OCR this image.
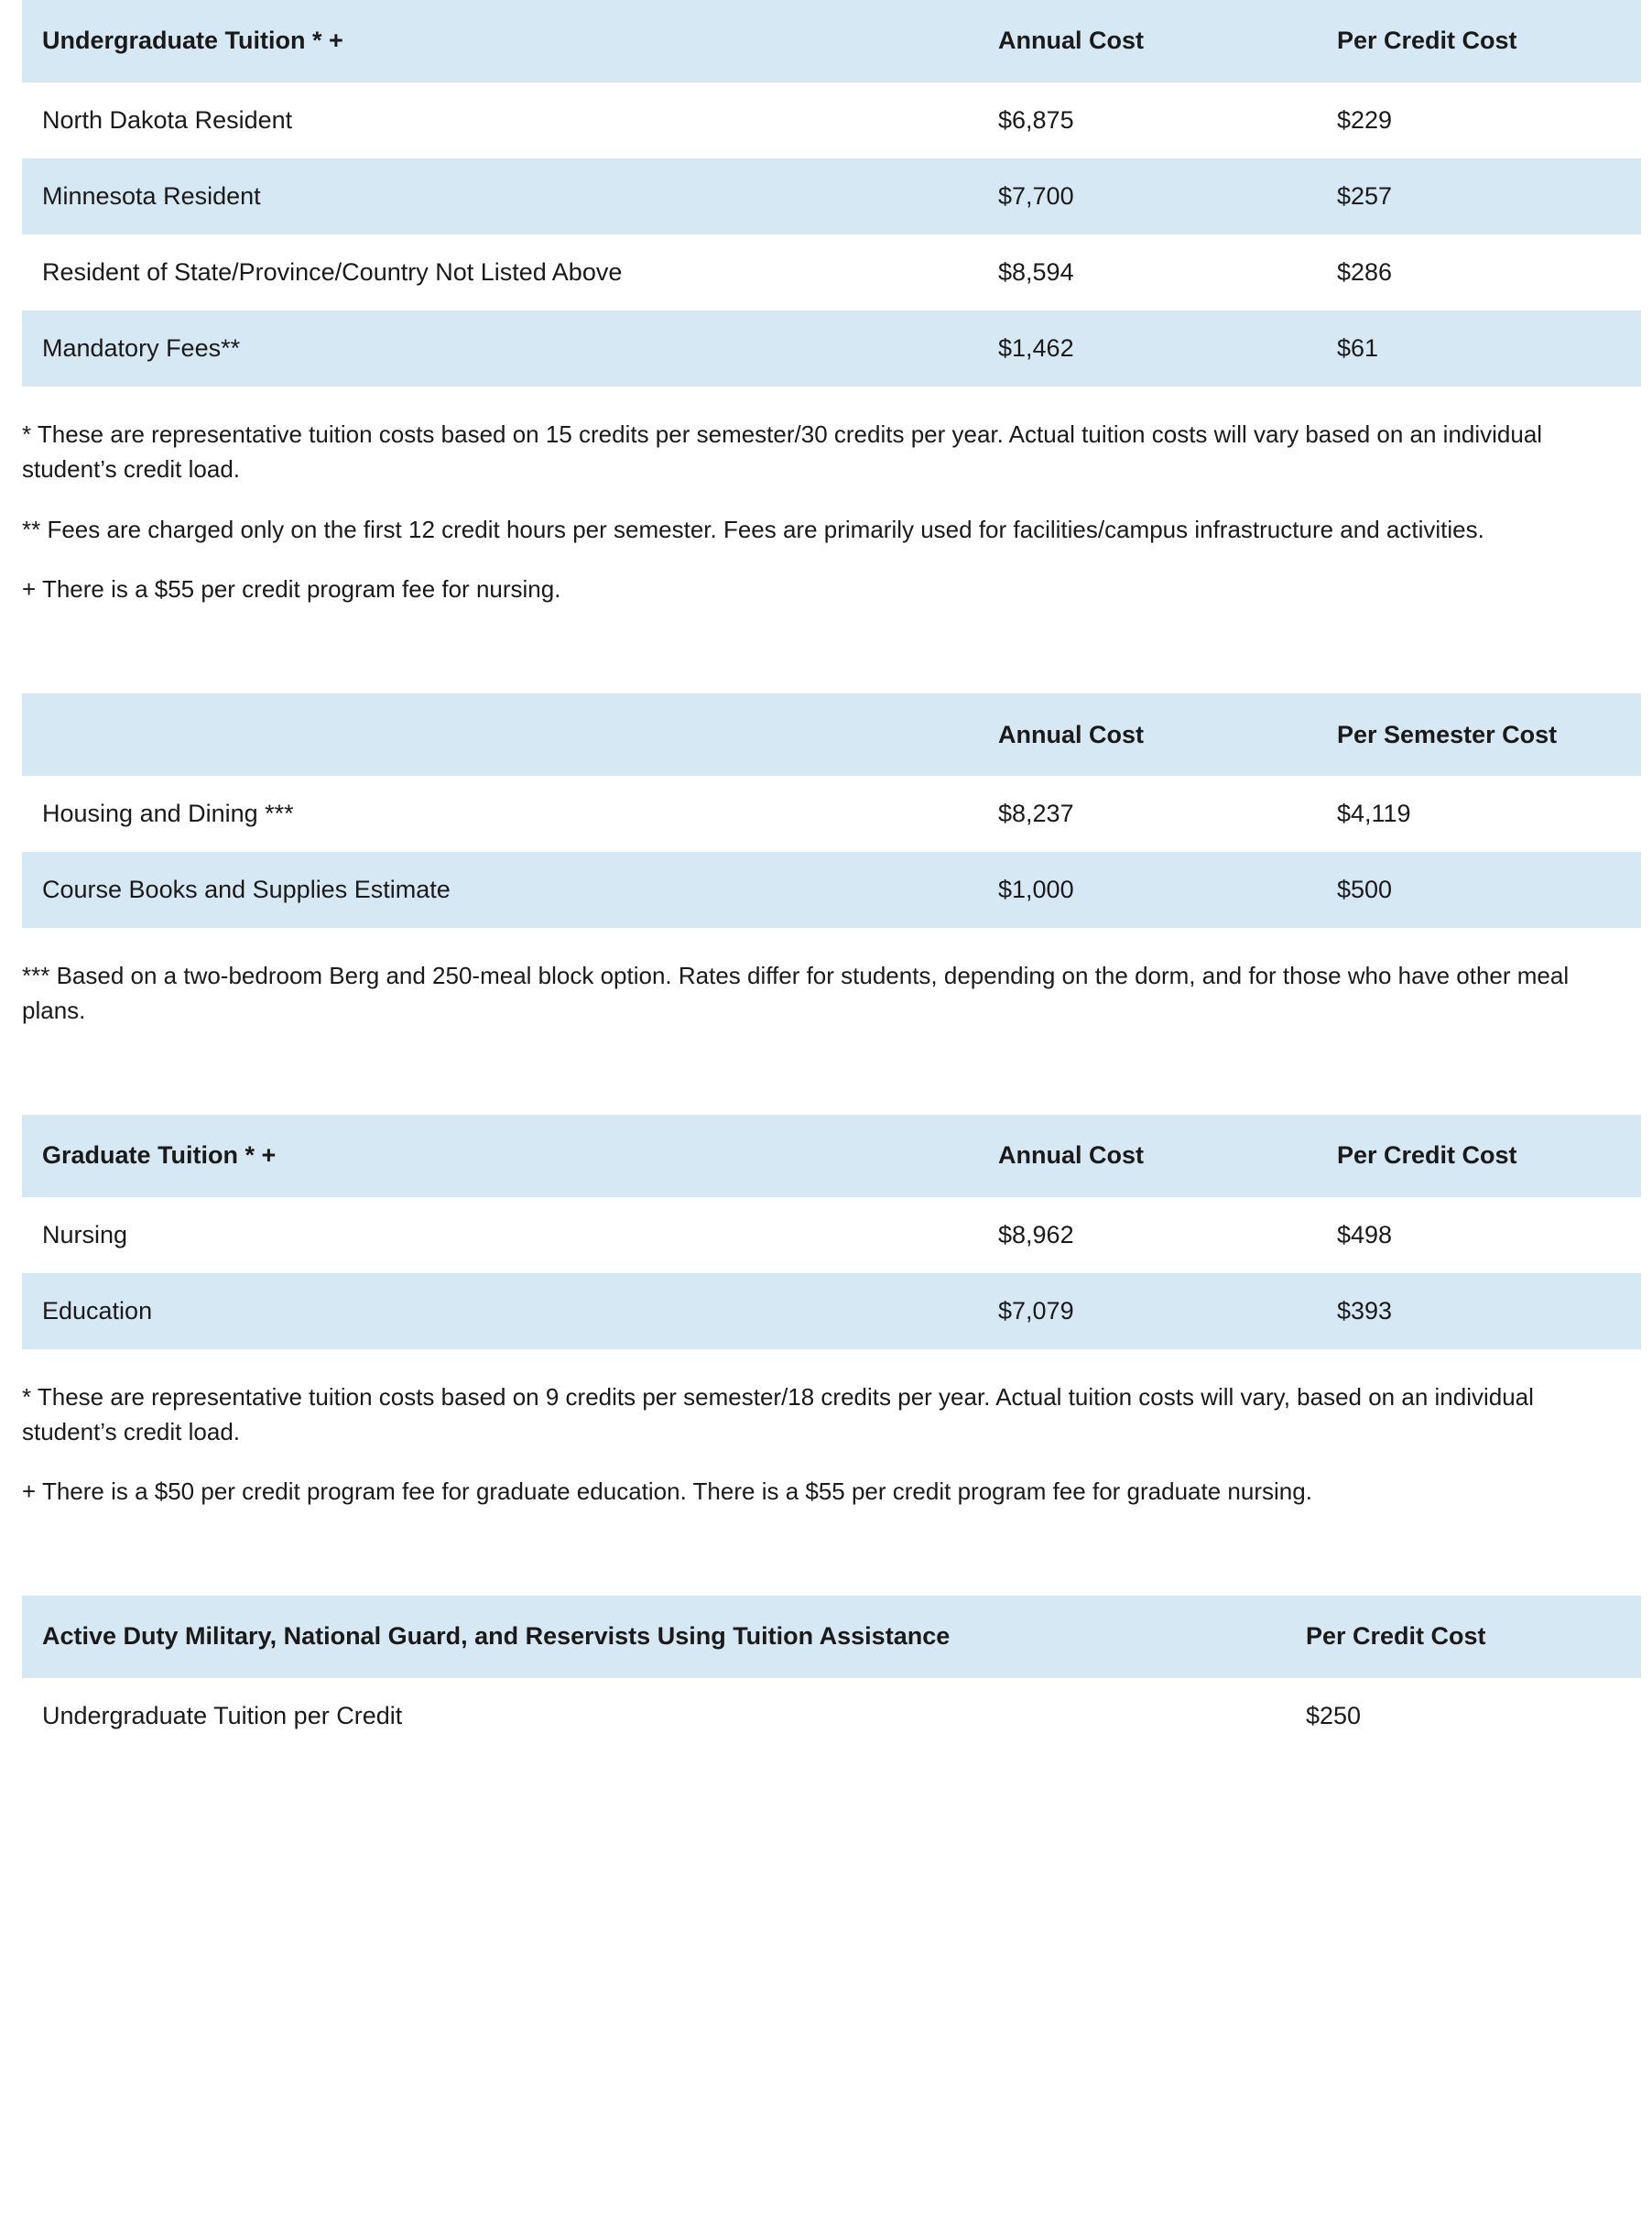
Undergraduate Tuition * +	Annual Cost	Per Credit Cost
North Dakota Resident	$6,875	$229
Minnesota Resident	$7,700	$257
Resident of State/Province/Country Not Listed Above	$8,594	$286
Mandatory Fees**	$1,462	$61

* These are representative tuition costs based on 15 credits per semester/30 credits per year. Actual tuition costs will vary based on an individual student’s credit load.

** Fees are charged only on the first 12 credit hours per semester. Fees are primarily used for facilities/campus infrastructure and activities.

+ There is a $55 per credit program fee for nursing.

	Annual Cost	Per Semester Cost
Housing and Dining ***	$8,237	$4,119
Course Books and Supplies Estimate	$1,000	$500

*** Based on a two-bedroom Berg and 250-meal block option. Rates differ for students, depending on the dorm, and for those who have other meal plans.

Graduate Tuition * +	Annual Cost	Per Credit Cost
Nursing	$8,962	$498
Education	$7,079	$393

* These are representative tuition costs based on 9 credits per semester/18 credits per year. Actual tuition costs will vary, based on an individual student’s credit load.

+ There is a $50 per credit program fee for graduate education. There is a $55 per credit program fee for graduate nursing.

Active Duty Military, National Guard, and Reservists Using Tuition Assistance	Per Credit Cost
Undergraduate Tuition per Credit	$250
